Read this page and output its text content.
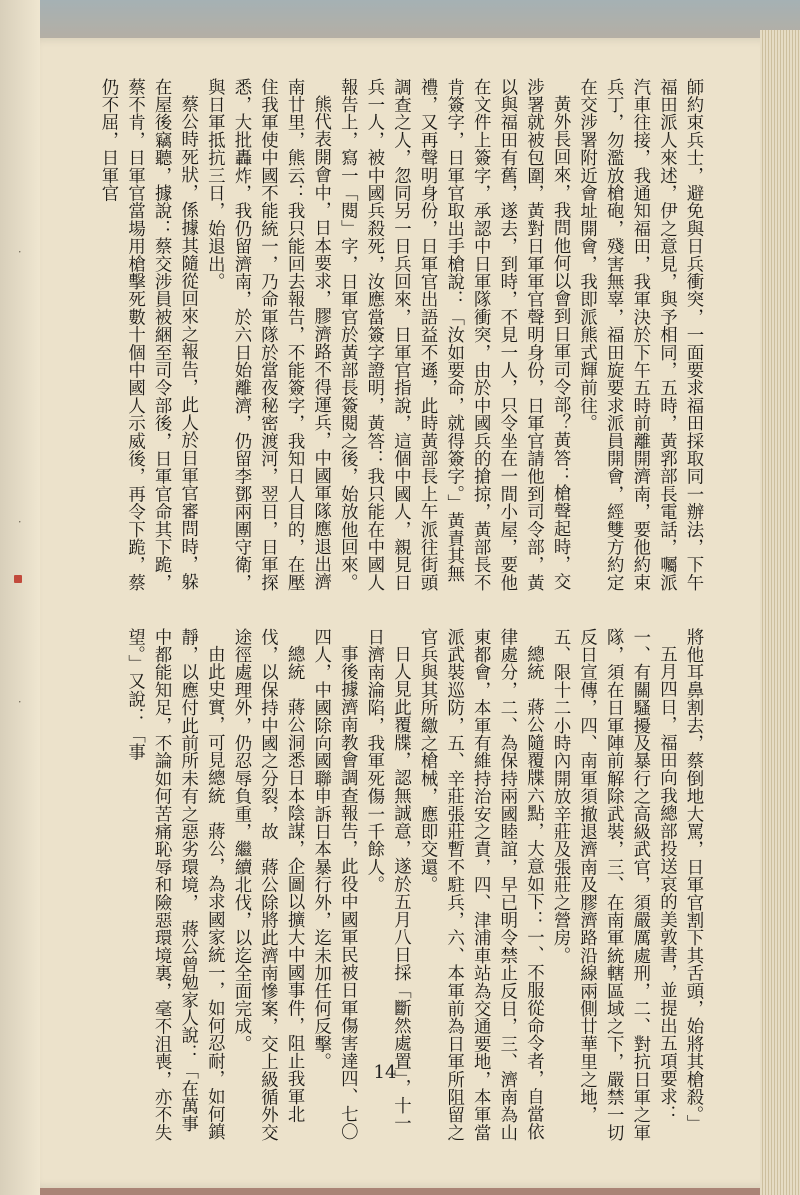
·
·
·

師約束兵士，避免與日兵衝突，一面要求福田採取同一辦法，下午福田派人來述，伊之意見，與予相同，五時，黃郛部長電話，囑派汽車往接，我通知福田，我軍決於下午五時前離開濟南，要他約束兵丁，勿濫放槍砲，殘害無辜，福田旋要求派員開會，經雙方約定在交涉署附近會址開會，我即派熊式輝前往。

黃外長回來，我問他何以會到日軍司令部？黃答：槍聲起時，交涉署就被包圍，黃對日軍軍官聲明身份，日軍官請他到司令部，黃以與福田有舊，遂去，到時，不見一人，只令坐在一間小屋，要他在文件上簽字，承認中日軍隊衝突，由於中國兵的搶掠，黃部長不肯簽字，日軍官取出手槍說：「汝如要命，就得簽字。」黃責其無禮，又再聲明身份，日軍官出語益不遜，此時黃部長上午派往街頭調查之人，忽同另一日兵回來，日軍官指說，這個中國人，親見日兵一人，被中國兵殺死，汝應當簽字證明，黃答：我只能在中國人報告上，寫一「閱」字，日軍官於黃部長簽閱之後，始放他回來。

熊代表開會中，日本要求，膠濟路不得運兵，中國軍隊應退出濟南廿里，熊云：我只能回去報告，不能簽字，我知日人目的，在壓住我軍使中國不能統一，乃命軍隊於當夜秘密渡河，翌日，日軍探悉，大批轟炸，我仍留濟南，於六日始離濟，仍留李鄧兩團守衛，與日軍抵抗三日，始退出。

蔡公時死狀，係據其隨從回來之報告，此人於日軍官審問時，躲在屋後竊聽，據說：蔡交涉員被綑至司令部後，日軍官命其下跪，蔡不肯，日軍官當場用槍擊死數十個中國人示威後，再令下跪，蔡仍不屈，日軍官

將他耳鼻割去，蔡倒地大罵，日軍官割下其舌頭，始將其槍殺。」

五月四日，福田向我總部投送哀的美敦書，並提出五項要求：一、有關騷擾及暴行之高級武官，須嚴厲處刑，二、對抗日軍之軍隊，須在日軍陣前解除武裝，三、在南軍統轄區域之下，嚴禁一切反日宣傳，四、南軍須撤退濟南及膠濟路沿線兩側廿華里之地，五、限十二小時內開放辛莊及張莊之營房。

總統　蔣公隨覆牒六點，大意如下：一、不服從命令者，自當依律處分，二、為保持兩國睦誼，早已明令禁止反日，三、濟南為山東都會，本軍有維持治安之責，四、津浦車站為交通要地，本軍當派武裝巡防，五、辛莊張莊暫不駐兵，六、本軍前為日軍所阻留之官兵與其所繳之槍械，應即交還。

日人見此覆牒，認無誠意，遂於五月八日採「斷然處置」，十一日濟南淪陷，我軍死傷一千餘人。

事後據濟南教會調查報告，此役中國軍民被日軍傷害達四、七〇四人，中國除向國聯申訴日本暴行外，迄未加任何反擊。

總統　蔣公洞悉日本陰謀，企圖以擴大中國事件，阻止我軍北伐，以保持中國之分裂，故　蔣公除將此濟南慘案，交上級循外交途徑處理外，仍忍辱負重，繼續北伐，以迄全面完成。

由此史實，可見總統　蔣公，為求國家統一，如何忍耐，如何鎮靜，以應付此前所未有之惡劣環境，　蔣公曾勉家人說：「在萬事中都能知足，不論如何苦痛恥辱和險惡環境裏，毫不沮喪，亦不失望。」又說：「事

14
